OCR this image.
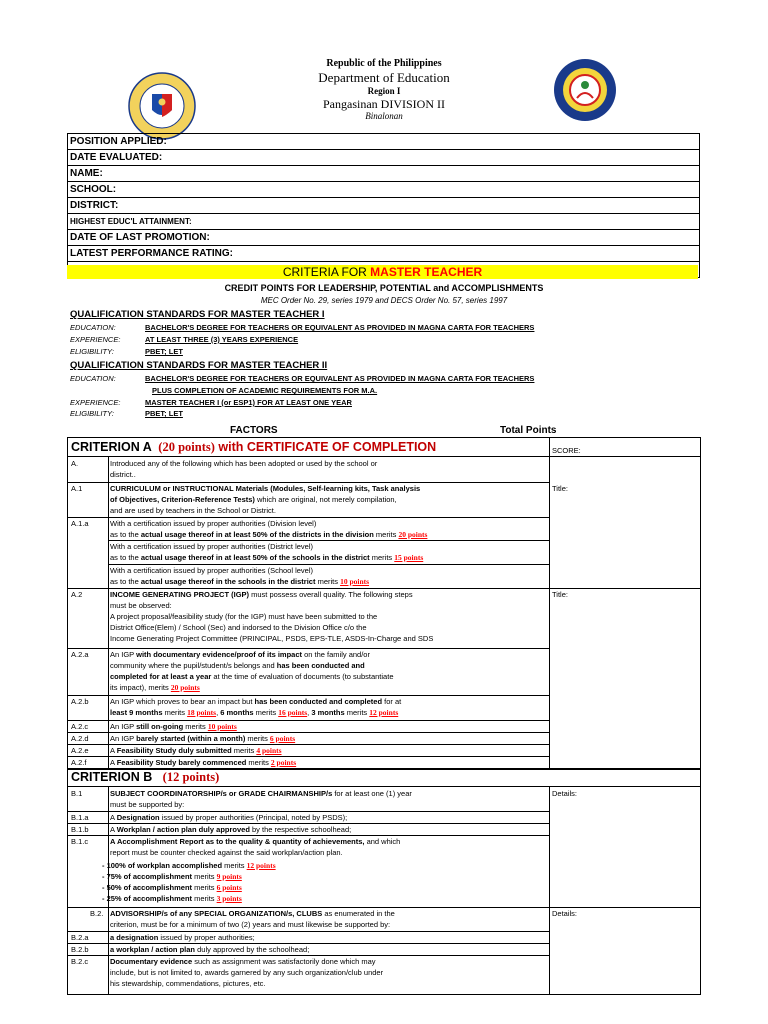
Republic of the Philippines
Department of Education
Region I
Pangasinan DIVISION II
Binalonan
POSITION APPLIED:
DATE EVALUATED:
NAME:
SCHOOL:
DISTRICT:
HIGHEST EDUC'L ATTAINMENT:
DATE OF LAST PROMOTION:
LATEST PERFORMANCE RATING:
CRITERIA FOR MASTER TEACHER
CREDIT POINTS FOR LEADERSHIP, POTENTIAL and ACCOMPLISHMENTS
MEC Order No. 29, series 1979 and DECS Order No. 57, series 1997
QUALIFICATION STANDARDS FOR MASTER TEACHER I
EDUCATION:	BACHELOR'S DEGREE FOR TEACHERS OR EQUIVALENT AS PROVIDED IN MAGNA CARTA FOR TEACHERS
EXPERIENCE:	AT LEAST THREE (3) YEARS EXPERIENCE
ELIGIBILITY:	PBET; LET
QUALIFICATION STANDARDS FOR MASTER TEACHER II
EDUCATION:	BACHELOR'S DEGREE FOR TEACHERS OR EQUIVALENT AS PROVIDED IN MAGNA CARTA FOR TEACHERS
PLUS COMPLETION OF ACADEMIC REQUIREMENTS FOR M.A.
EXPERIENCE:	MASTER TEACHER I (or ESP1) FOR AT LEAST ONE YEAR
ELIGIBILITY:	PBET; LET
FACTORS	Total Points
CRITERION A (20 points) with CERTIFICATE OF COMPLETION	SCORE:
A.	Introduced any of the following which has been adopted or used by the school or
district..
A.1	CURRICULUM or INSTRUCTIONAL Materials (Modules, Self-learning kits, Task analysis
of Objectives, Criterion-Reference Tests) which are original, not merely compilation,
and are used by teachers in the School or District.
Title:
A.1.a	With a certification issued by proper authorities (Division level)
as to the actual usage thereof in at least 50% of the districts in the division merits 20 points
With a certification issued by proper authorities (District level)
as to the actual usage thereof in at least 50% of the schools in the district merits 15 points
With a certification issued by proper authorities (School level)
as to the actual usage thereof in the schools in the district merits 10 points
A.2	INCOME GENERATING PROJECT (IGP) must possess overall quality. The following steps
must be observed:
A project proposal/feasibility study (for the IGP) must have been submitted to the
District Office(Elem) / School (Sec) and indorsed to the Division Office c/o the
Income Generating Project Committee (PRINCIPAL, PSDS, EPS-TLE, ASDS-In-Charge and SDS
Title:
A.2.a	An IGP with documentary evidence/proof of its impact on the family and/or
community where the pupil/student/s belongs and has been conducted and
completed for at least a year at the time of evaluation of documents (to substantiate
its impact), merits 20 points
A.2.b	An IGP which proves to bear an impact but has been conducted and completed for at
least 9 months merits 18 points, 6 months merits 16 points, 3 months merits 12 points
A.2.c	An IGP still on-going merits 10 points
A.2.d	An IGP barely started (within a month) merits 6 points
A.2.e	A Feasibility Study duly submitted merits 4 points
A.2.f	A Feasibility Study barely commenced merits 2 points
CRITERION B (12 points)
B.1	SUBJECT COORDINATORSHIP/s or GRADE CHAIRMANSHIP/s for at least one (1) year
must be supported by:
Details:
B.1.a	A Designation issued by proper authorities (Principal, noted by PSDS);
B.1.b	A Workplan / action plan duly approved by the respective schoolhead;
B.1.c	A Accomplishment Report as to the quality & quantity of achievements, and which
report must be counter checked against the said workplan/action plan.
- 100% of workplan accomplished merits 12 points
- 75% of accomplishment merits 9 points
- 50% of accomplishment merits 6 points
- 25% of accomplishment merits 3 points
B.2. ADVISORSHIP/s of any SPECIAL ORGANIZATION/s, CLUBS as enumerated in the
criterion, must be for a minimum of two (2) years and must likewise be supported by:
Details:
B.2.a	a designation issued by proper authorities;
B.2.b	a workplan / action plan duly approved by the schoolhead;
B.2.c	Documentary evidence such as assignment was satisfactorily done which may
include, but is not limited to, awards garnered by any such organization/club under
his stewardship, commendations, pictures, etc.
